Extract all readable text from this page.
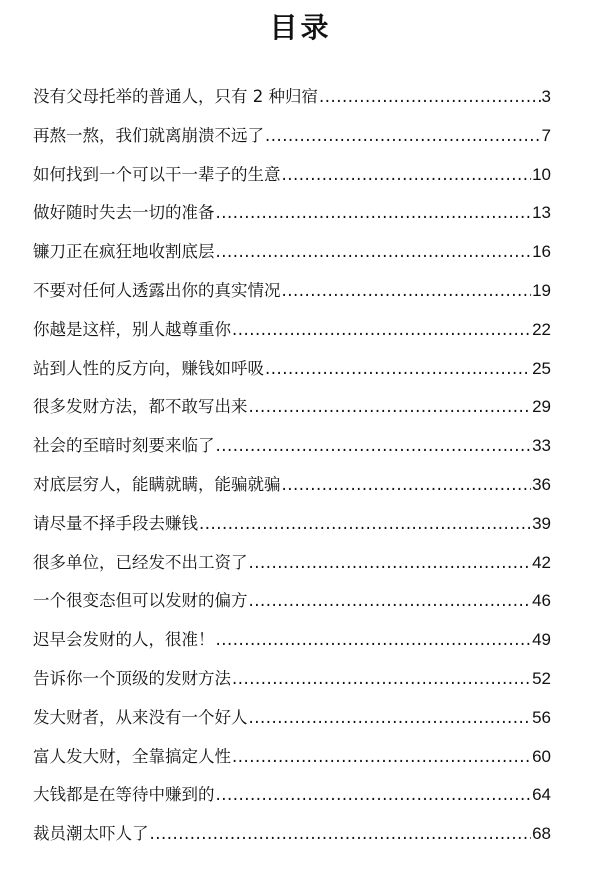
目录
没有父母托举的普通人，只有 2 种归宿 .....	3
再熬一熬，我们就离崩溃不远了 .....	7
如何找到一个可以干一辈子的生意 .....	10
做好随时失去一切的准备 .....	13
镰刀正在疯狂地收割底层 .....	16
不要对任何人透露出你的真实情况 .....	19
你越是这样，别人越尊重你 .....	22
站到人性的反方向，赚钱如呼吸 .....	25
很多发财方法，都不敢写出来 .....	29
社会的至暗时刻要来临了 .....	33
对底层穷人，能瞒就瞒，能骗就骗 .....	36
请尽量不择手段去赚钱 .....	39
很多单位，已经发不出工资了 .....	42
一个很变态但可以发财的偏方 .....	46
迟早会发财的人，很准！ .....	49
告诉你一个顶级的发财方法 .....	52
发大财者，从来没有一个好人 .....	56
富人发大财，全靠搞定人性 .....	60
大钱都是在等待中赚到的 .....	64
裁员潮太吓人了 .....	68
